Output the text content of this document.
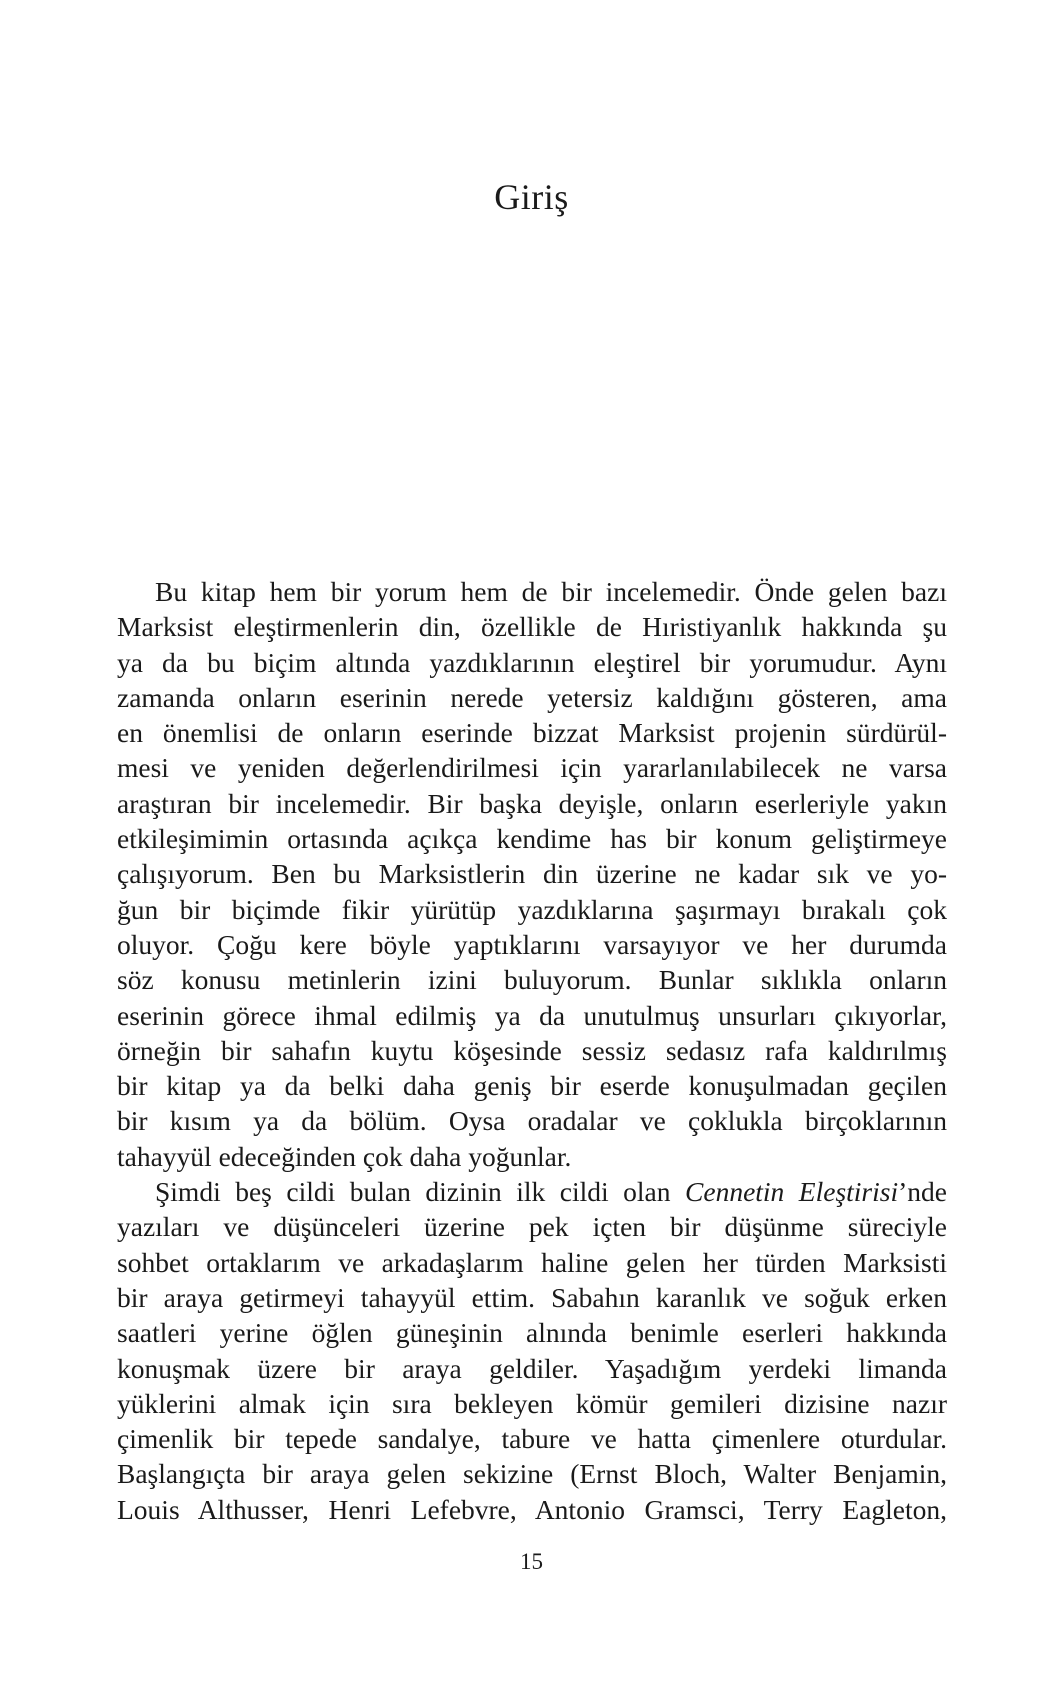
Giriş
Bu kitap hem bir yorum hem de bir incelemedir. Önde gelen bazı
Marksist eleştirmenlerin din, özellikle de Hıristiyanlık hakkında şu
ya da bu biçim altında yazdıklarının eleştirel bir yorumudur. Aynı
zamanda onların eserinin nerede yetersiz kaldığını gösteren, ama
en önemlisi de onların eserinde bizzat Marksist projenin sürdürül-
mesi ve yeniden değerlendirilmesi için yararlanılabilecek ne varsa
araştıran bir incelemedir. Bir başka deyişle, onların eserleriyle yakın
etkileşimimin ortasında açıkça kendime has bir konum geliştirmeye
çalışıyorum. Ben bu Marksistlerin din üzerine ne kadar sık ve yo-
ğun bir biçimde fikir yürütüp yazdıklarına şaşırmayı bırakalı çok
oluyor. Çoğu kere böyle yaptıklarını varsayıyor ve her durumda
söz konusu metinlerin izini buluyorum. Bunlar sıklıkla onların
eserinin görece ihmal edilmiş ya da unutulmuş unsurları çıkıyorlar,
örneğin bir sahafın kuytu köşesinde sessiz sedasız rafa kaldırılmış
bir kitap ya da belki daha geniş bir eserde konuşulmadan geçilen
bir kısım ya da bölüm. Oysa oradalar ve çoklukla birçoklarının
tahayyül edeceğinden çok daha yoğunlar.
Şimdi beş cildi bulan dizinin ilk cildi olan Cennetin Eleştirisi’nde
yazıları ve düşünceleri üzerine pek içten bir düşünme süreciyle
sohbet ortaklarım ve arkadaşlarım haline gelen her türden Marksisti
bir araya getirmeyi tahayyül ettim. Sabahın karanlık ve soğuk erken
saatleri yerine öğlen güneşinin alnında benimle eserleri hakkında
konuşmak üzere bir araya geldiler. Yaşadığım yerdeki limanda
yüklerini almak için sıra bekleyen kömür gemileri dizisine nazır
çimenlik bir tepede sandalye, tabure ve hatta çimenlere oturdular.
Başlangıçta bir araya gelen sekizine (Ernst Bloch, Walter Benjamin,
Louis Althusser, Henri Lefebvre, Antonio Gramsci, Terry Eagleton,
15
